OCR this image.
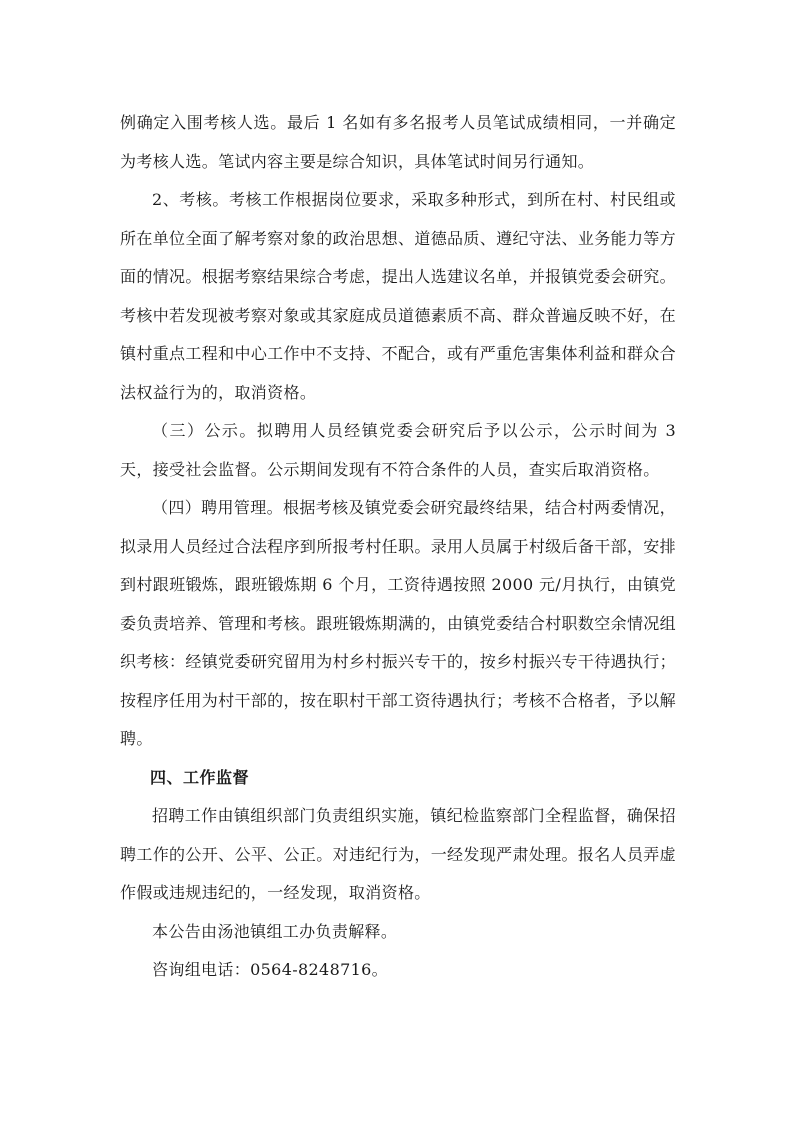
例确定入围考核人选。最后 1 名如有多名报考人员笔试成绩相同，一并确定为考核人选。笔试内容主要是综合知识，具体笔试时间另行通知。

2、考核。考核工作根据岗位要求，采取多种形式，到所在村、村民组或所在单位全面了解考察对象的政治思想、道德品质、遵纪守法、业务能力等方面的情况。根据考察结果综合考虑，提出人选建议名单，并报镇党委会研究。考核中若发现被考察对象或其家庭成员道德素质不高、群众普遍反映不好，在镇村重点工程和中心工作中不支持、不配合，或有严重危害集体利益和群众合法权益行为的，取消资格。

（三）公示。拟聘用人员经镇党委会研究后予以公示，公示时间为 3 天，接受社会监督。公示期间发现有不符合条件的人员，查实后取消资格。

（四）聘用管理。根据考核及镇党委会研究最终结果，结合村两委情况，拟录用人员经过合法程序到所报考村任职。录用人员属于村级后备干部，安排到村跟班锻炼，跟班锻炼期 6 个月，工资待遇按照 2000 元/月执行，由镇党委负责培养、管理和考核。跟班锻炼期满的，由镇党委结合村职数空余情况组织考核：经镇党委研究留用为村乡村振兴专干的，按乡村振兴专干待遇执行；按程序任用为村干部的，按在职村干部工资待遇执行；考核不合格者，予以解聘。

四、工作监督

招聘工作由镇组织部门负责组织实施，镇纪检监察部门全程监督，确保招聘工作的公开、公平、公正。对违纪行为，一经发现严肃处理。报名人员弄虚作假或违规违纪的，一经发现，取消资格。

本公告由汤池镇组工办负责解释。

咨询组电话：0564-8248716。
